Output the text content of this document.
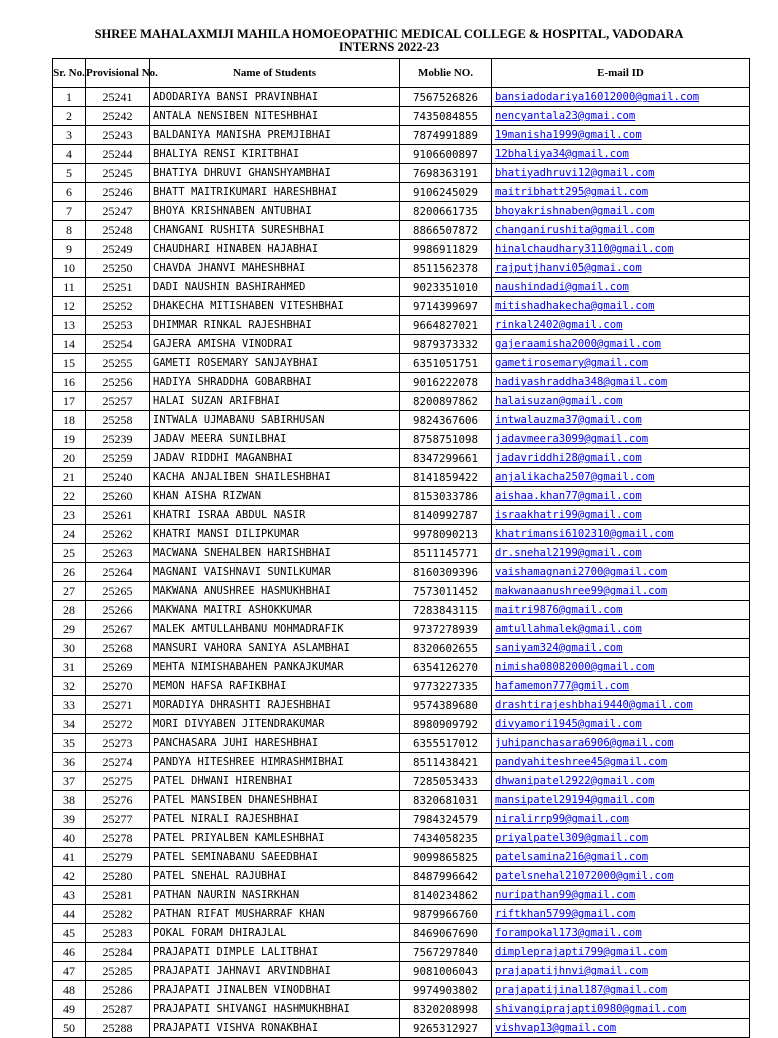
SHREE MAHALAXMIJI MAHILA HOMOEOPATHIC MEDICAL COLLEGE & HOSPITAL, VADODARA
INTERNS 2022-23
Sr. No.	Provisional No.	Name of Students	Moblie NO.	E-mail ID
1	25241	ADODARIYA BANSI PRAVINBHAI	7567526826	bansiadodariya16012000@gmail.com
2	25242	ANTALA NENSIBEN NITESHBHAI	7435084855	nencyantala23@gmai.com
3	25243	BALDANIYA MANISHA PREMJIBHAI	7874991889	19manisha1999@gmail.com
4	25244	BHALIYA RENSI KIRITBHAI	9106600897	12bhaliya34@gmail.com
5	25245	BHATIYA DHRUVI GHANSHYAMBHAI	7698363191	bhatiyadhruvi12@gmail.com
6	25246	BHATT MAITRIKUMARI HARESHBHAI	9106245029	maitribhatt295@gmail.com
7	25247	BHOYA KRISHNABEN ANTUBHAI	8200661735	bhoyakrishnaben@gmail.com
8	25248	CHANGANI RUSHITA SURESHBHAI	8866507872	changanirushita@gmail.com
9	25249	CHAUDHARI HINABEN HAJABHAI	9986911829	hinalchaudhary3110@gmail.com
10	25250	CHAVDA JHANVI MAHESHBHAI	8511562378	rajputjhanvi05@gmai.com
11	25251	DADI NAUSHIN BASHIRAHMED	9023351010	naushindadi@gmail.com
12	25252	DHAKECHA MITISHABEN VITESHBHAI	9714399697	mitishadhakecha@gmail.com
13	25253	DHIMMAR RINKAL RAJESHBHAI	9664827021	rinkal2402@gmail.com
14	25254	GAJERA AMISHA VINODRAI	9879373332	gajeraamisha2000@gmail.com
15	25255	GAMETI ROSEMARY SANJAYBHAI	6351051751	gametirosemary@gmail.com
16	25256	HADIYA SHRADDHA GOBARBHAI	9016222078	hadiyashraddha348@gmail.com
17	25257	HALAI SUZAN ARIFBHAI	8200897862	halaisuzan@gmail.com
18	25258	INTWALA UJMABANU SABIRHUSAN	9824367606	intwalauzma37@gmail.com
19	25239	JADAV MEERA SUNILBHAI	8758751098	jadavmeera3099@gmail.com
20	25259	JADAV RIDDHI MAGANBHAI	8347299661	jadavriddhi28@gmail.com
21	25240	KACHA ANJALIBEN SHAILESHBHAI	8141859422	anjalikacha2507@gmail.com
22	25260	KHAN AISHA RIZWAN	8153033786	aishaa.khan77@gmail.com
23	25261	KHATRI ISRAA ABDUL NASIR	8140992787	israakhatri99@gmail.com
24	25262	KHATRI MANSI DILIPKUMAR	9978090213	khatrimansi6102310@gmail.com
25	25263	MACWANA SNEHALBEN HARISHBHAI	8511145771	dr.snehal2199@gmail.com
26	25264	MAGNANI VAISHNAVI SUNILKUMAR	8160309396	vaishamagnani2700@gmail.com
27	25265	MAKWANA ANUSHREE HASMUKHBHAI	7573011452	makwanaanushree99@gmail.com
28	25266	MAKWANA MAITRI ASHOKKUMAR	7283843115	maitri9876@gmail.com
29	25267	MALEK AMTULLAHBANU MOHMADRAFIK	9737278939	amtullahmalek@gmail.com
30	25268	MANSURI VAHORA SANIYA ASLAMBHAI	8320602655	saniyam324@gmail.com
31	25269	MEHTA NIMISHABAHEN PANKAJKUMAR	6354126270	nimisha08082000@gmail.com
32	25270	MEMON HAFSA RAFIKBHAI	9773227335	hafamemon777@gmil.com
33	25271	MORADIYA DHRASHTI RAJESHBHAI	9574389680	drashtirajeshbhai9440@gmail.com
34	25272	MORI DIVYABEN JITENDRAKUMAR	8980909792	divyamori1945@gmail.com
35	25273	PANCHASARA JUHI HARESHBHAI	6355517012	juhipanchasara6906@gmail.com
36	25274	PANDYA HITESHREE HIMRASHMIBHAI	8511438421	pandyahiteshree45@gmail.com
37	25275	PATEL DHWANI HIRENBHAI	7285053433	dhwanipatel2922@gmail.com
38	25276	PATEL MANSIBEN DHANESHBHAI	8320681031	mansipatel29194@gmail.com
39	25277	PATEL NIRALI RAJESHBHAI	7984324579	niralirrp99@gmail.com
40	25278	PATEL PRIYALBEN KAMLESHBHAI	7434058235	priyalpatel309@gmail.com
41	25279	PATEL SEMINABANU SAEEDBHAI	9099865825	patelsamina216@gmail.com
42	25280	PATEL SNEHAL RAJUBHAI	8487996642	patelsnehal21072000@gmil.com
43	25281	PATHAN NAURIN NASIRKHAN	8140234862	nuripathan99@gmail.com
44	25282	PATHAN RIFAT MUSHARRAF KHAN	9879966760	riftkhan5799@gmail.com
45	25283	POKAL FORAM DHIRAJLAL	8469067690	forampokal173@gmail.com
46	25284	PRAJAPATI DIMPLE LALITBHAI	7567297840	dimpleprajapti799@gmail.com
47	25285	PRAJAPATI JAHNAVI ARVINDBHAI	9081006043	prajapatijhnvi@gmail.com
48	25286	PRAJAPATI JINALBEN VINODBHAI	9974903802	prajapatijinal187@gmail.com
49	25287	PRAJAPATI SHIVANGI HASHMUKHBHAI	8320208998	shivangiprajapti0980@gmail.com
50	25288	PRAJAPATI VISHVA RONAKBHAI	9265312927	vishvap13@gmail.com
